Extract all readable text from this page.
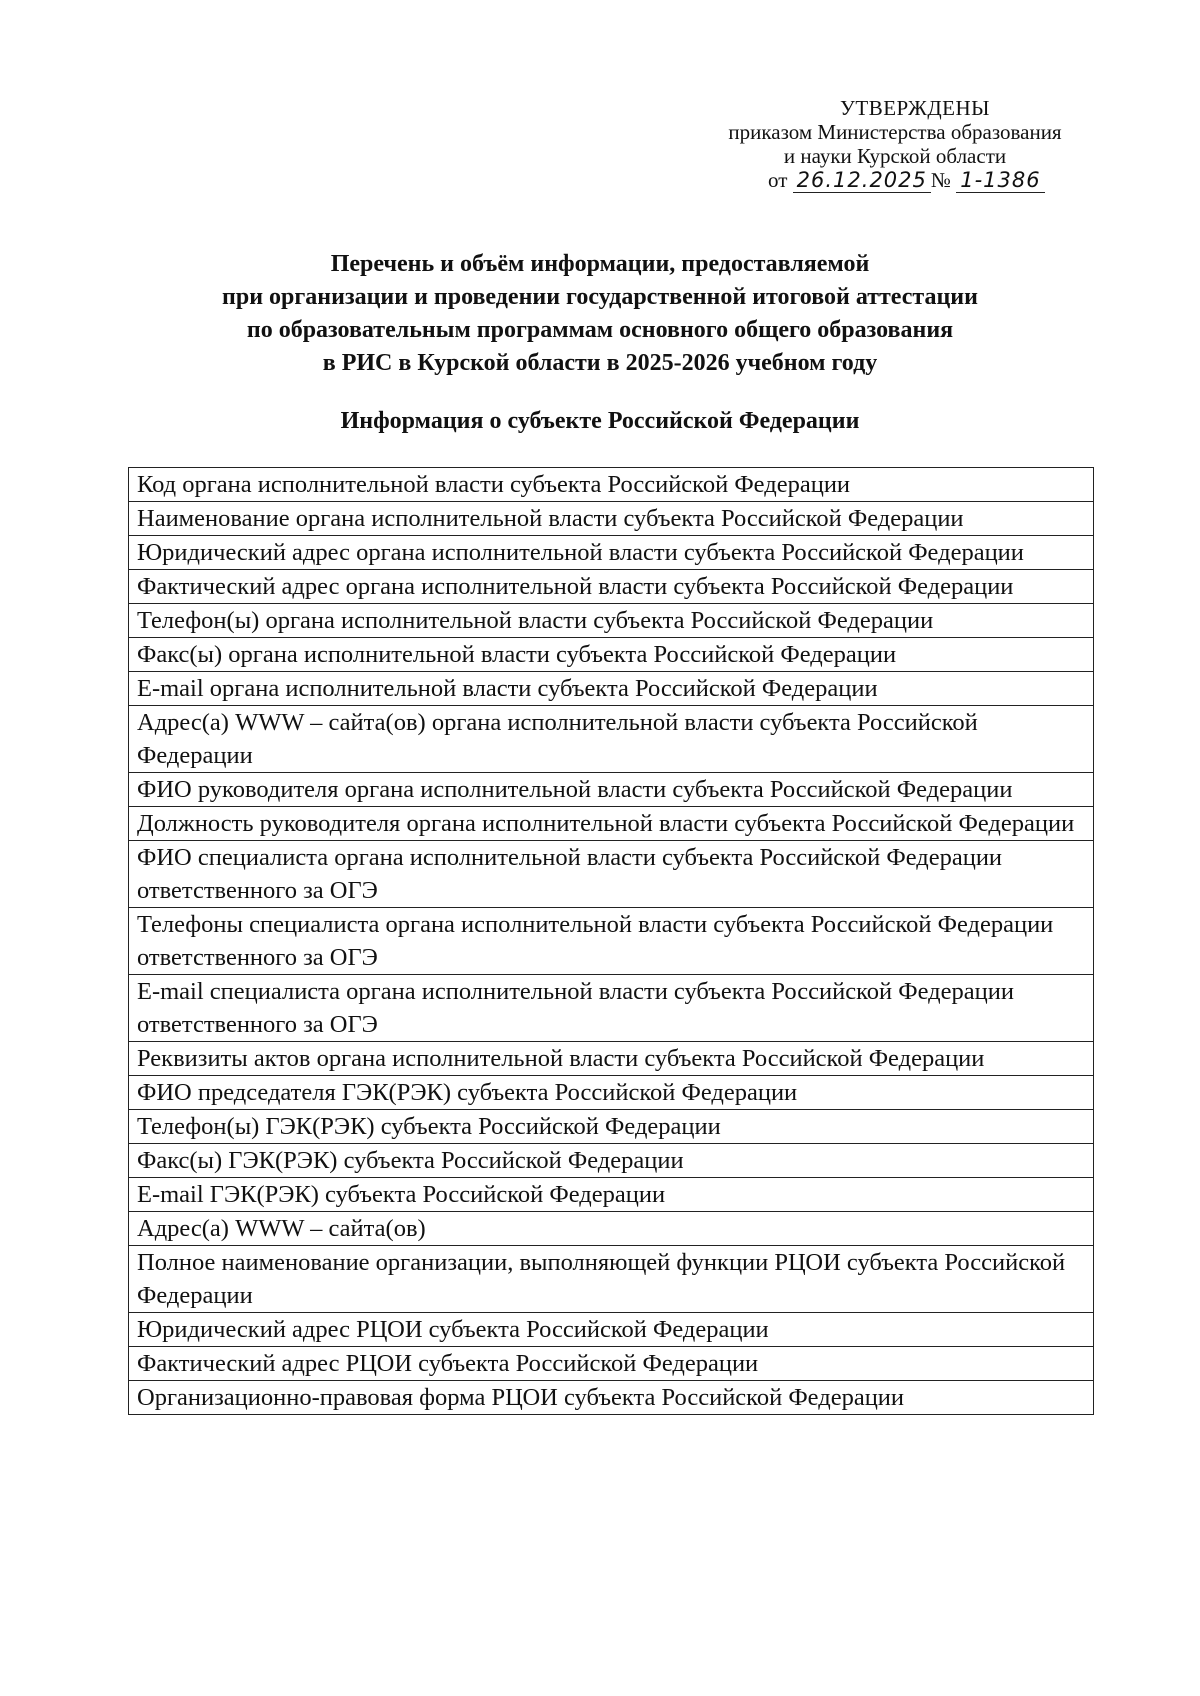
УТВЕРЖДЕНЫ
приказом Министерства образования
и науки Курской области
от 26.12.2025 № 1-1386
Перечень и объём информации, предоставляемой
при организации и проведении государственной итоговой аттестации
по образовательным программам основного общего образования
в РИС в Курской области в 2025-2026 учебном году
Информация о субъекте Российской Федерации
Код органа исполнительной власти субъекта Российской Федерации
Наименование органа исполнительной власти субъекта Российской Федерации
Юридический адрес органа исполнительной власти субъекта Российской Федерации
Фактический адрес органа исполнительной власти субъекта Российской Федерации
Телефон(ы) органа исполнительной власти субъекта Российской Федерации
Факс(ы) органа исполнительной власти субъекта Российской Федерации
E-mail органа исполнительной власти субъекта Российской Федерации
Адрес(а) WWW – сайта(ов) органа исполнительной власти субъекта Российской Федерации
ФИО руководителя органа исполнительной власти субъекта Российской Федерации
Должность руководителя органа исполнительной власти субъекта Российской Федерации
ФИО специалиста органа исполнительной власти субъекта Российской Федерации ответственного за ОГЭ
Телефоны специалиста органа исполнительной власти субъекта Российской Федерации ответственного за ОГЭ
E-mail специалиста органа исполнительной власти субъекта Российской Федерации ответственного за ОГЭ
Реквизиты актов органа исполнительной власти субъекта Российской Федерации
ФИО председателя ГЭК(РЭК) субъекта Российской Федерации
Телефон(ы) ГЭК(РЭК) субъекта Российской Федерации
Факс(ы) ГЭК(РЭК) субъекта Российской Федерации
E-mail ГЭК(РЭК) субъекта Российской Федерации
Адрес(а) WWW – сайта(ов)
Полное наименование организации, выполняющей функции РЦОИ субъекта Российской Федерации
Юридический адрес РЦОИ субъекта Российской Федерации
Фактический адрес РЦОИ субъекта Российской Федерации
Организационно-правовая форма РЦОИ субъекта Российской Федерации
